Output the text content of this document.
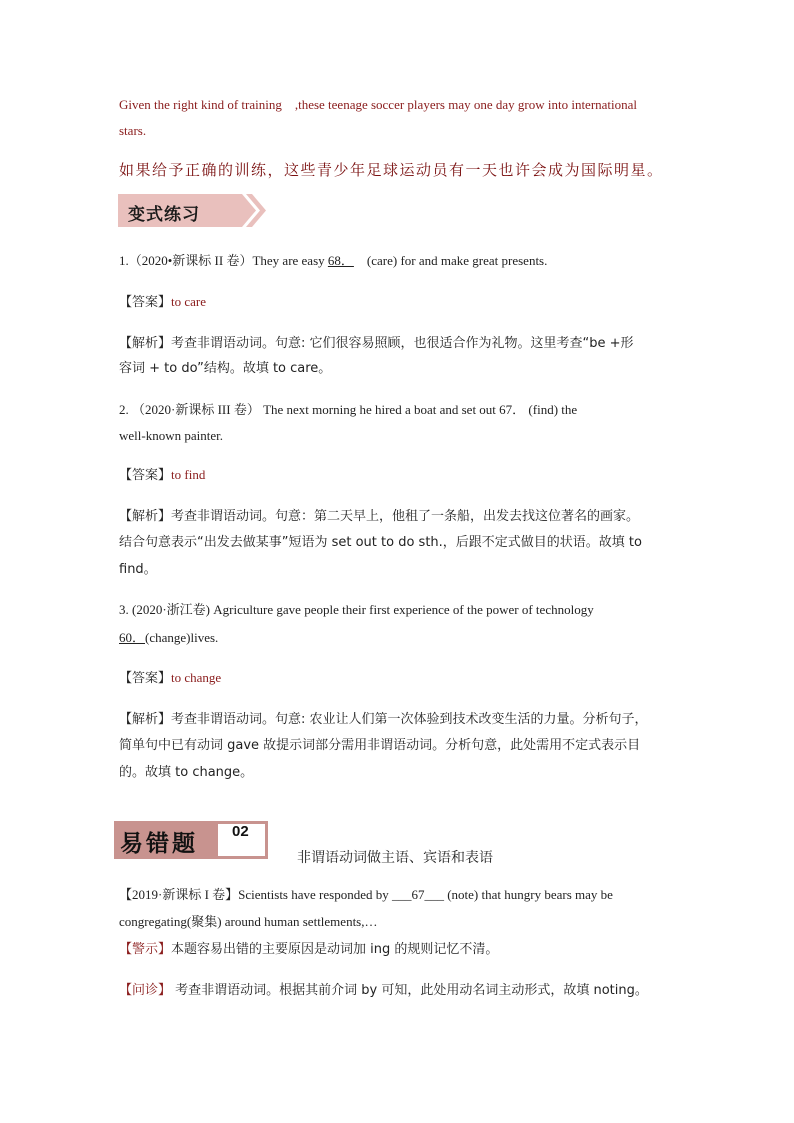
Given the right kind of training　,these teenage soccer players may one day grow into international
stars.
如果给予正确的训练，这些青少年足球运动员有一天也许会成为国际明星。
变式练习
1.（2020•新课标 II 卷）They are easy 68．    (care) for and make great presents.
【答案】to care
【解析】考查非谓语动词。句意: 它们很容易照顾，也很适合作为礼物。这里考查“be +形
容词 + to do”结构。故填 to care。
2. （2020·新课标 III 卷） The next morning he hired a boat and set out 67． (find) the
well-known painter.
【答案】to find
【解析】考查非谓语动词。句意：第二天早上，他租了一条船，出发去找这位著名的画家。
结合句意表示“出发去做某事”短语为 set out to do sth.，后跟不定式做目的状语。故填 to
find。
3. (2020·浙江卷) Agriculture gave people their first experience of the power of technology
60．(change)lives.
【答案】to change
【解析】考查非谓语动词。句意: 农业让人们第一次体验到技术改变生活的力量。分析句子，
简单句中已有动词 gave 故提示词部分需用非谓语动词。分析句意，此处需用不定式表示目
的。故填 to change。
易错题 02
非谓语动词做主语、宾语和表语
【2019·新课标 I 卷】Scientists have responded by ___67___ (note) that hungry bears may be
congregating(聚集) around human settlements,…
【警示】本题容易出错的主要原因是动词加 ing 的规则记忆不清。
【问诊】 考查非谓语动词。根据其前介词 by 可知，此处用动名词主动形式，故填 noting。
